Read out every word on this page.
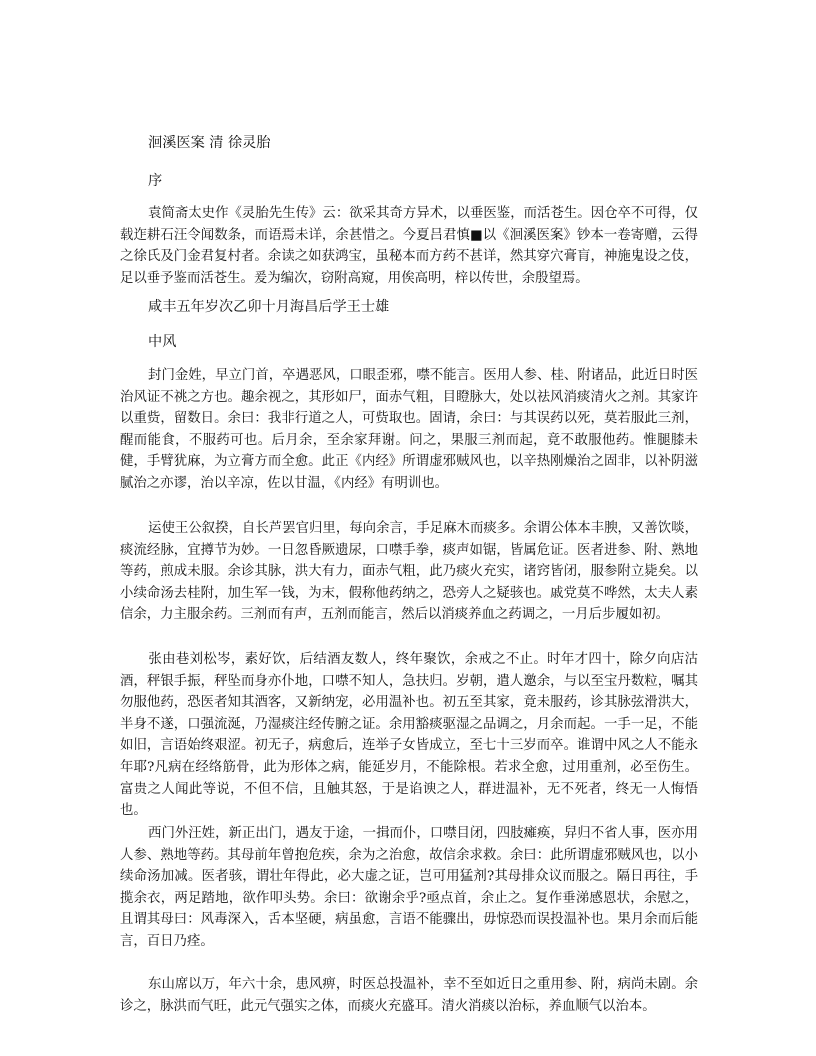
洄溪医案 清 徐灵胎

序

袁简斋太史作《灵胎先生传》云：欲采其奇方异术，以垂医鉴，而活苍生。因仓卒不可得，仅载迮耕石汪令闻数条，而语焉未详，余甚惜之。今夏吕君慎■以《洄溪医案》钞本一卷寄赠，云得之徐氏及门金君复村者。余读之如获鸿宝，虽秘本而方药不甚详，然其穿穴膏肓，神施鬼设之伎，足以垂予鉴而活苍生。爰为编次，窃附高窥，用俟高明，梓以传世，余殷望焉。

咸丰五年岁次乙卯十月海昌后学王士雄

中风

封门金姓，早立门首，卒遇恶风，口眼歪邪，噤不能言。医用人参、桂、附诸品，此近日时医治风证不祧之方也。趣余视之，其形如尸，面赤气粗，目瞪脉大，处以祛风消痰清火之剂。其家许以重赀，留数日。余曰：我非行道之人，可赀取也。固请，余曰：与其误药以死，莫若服此三剂，醒而能食，不服药可也。后月余，至余家拜谢。问之，果服三剂而起，竟不敢服他药。惟腿膝未健，手臂犹麻，为立膏方而全愈。此正《内经》所谓虚邪贼风也，以辛热刚燥治之固非，以补阴滋腻治之亦谬，治以辛凉，佐以甘温，《内经》有明训也。

运使王公叙揆，自长芦罢官归里，每向余言，手足麻木而痰多。余谓公体本丰腴，又善饮啖，痰流经脉，宜撙节为妙。一日忽昏厥遗尿，口噤手拳，痰声如锯，皆属危证。医者进参、附、熟地等药，煎成未服。余诊其脉，洪大有力，面赤气粗，此乃痰火充实，诸窍皆闭，服参附立毙矣。以小续命汤去桂附，加生军一钱，为末，假称他药纳之，恐旁人之疑骇也。戚党莫不哗然，太夫人素信余，力主服余药。三剂而有声，五剂而能言，然后以消痰养血之药调之，一月后步履如初。

张由巷刘松岑，素好饮，后结酒友数人，终年聚饮，余戒之不止。时年才四十，除夕向店沽酒，秤银手振，秤坠而身亦仆地，口噤不知人，急扶归。岁朝，遣人邀余，与以至宝丹数粒，嘱其勿服他药，恐医者知其酒客，又新纳宠，必用温补也。初五至其家，竟未服药，诊其脉弦滑洪大，半身不遂，口强流涎，乃湿痰注经传腑之证。余用豁痰驱湿之品调之，月余而起。一手一足，不能如旧，言语始终艰涩。初无子，病愈后，连举子女皆成立，至七十三岁而卒。谁谓中风之人不能永年耶?凡病在经络筋骨，此为形体之病，能延岁月，不能除根。若求全愈，过用重剂，必至伤生。富贵之人闻此等说，不但不信，且触其怒，于是谄谀之人，群进温补，无不死者，终无一人悔悟也。

西门外汪姓，新正出门，遇友于途，一揖而仆，口噤目闭，四肢瘫痪，舁归不省人事，医亦用人参、熟地等药。其母前年曾抱危疾，余为之治愈，故信余求救。余曰：此所谓虚邪贼风也，以小续命汤加减。医者骇，谓壮年得此，必大虚之证，岂可用猛剂?其母排众议而服之。隔日再往，手揽余衣，两足踏地，欲作叩头势。余曰：欲谢余乎?亟点首，余止之。复作垂涕感恩状，余慰之，且谓其母曰：风毒深入，舌本坚硬，病虽愈，言语不能骤出，毋惊恐而误投温补也。果月余而后能言，百日乃痊。

东山席以万，年六十余，患风痹，时医总投温补，幸不至如近日之重用参、附，病尚未剧。余诊之，脉洪而气旺，此元气强实之体，而痰火充盛耳。清火消痰以治标，养血顺气以治本。
